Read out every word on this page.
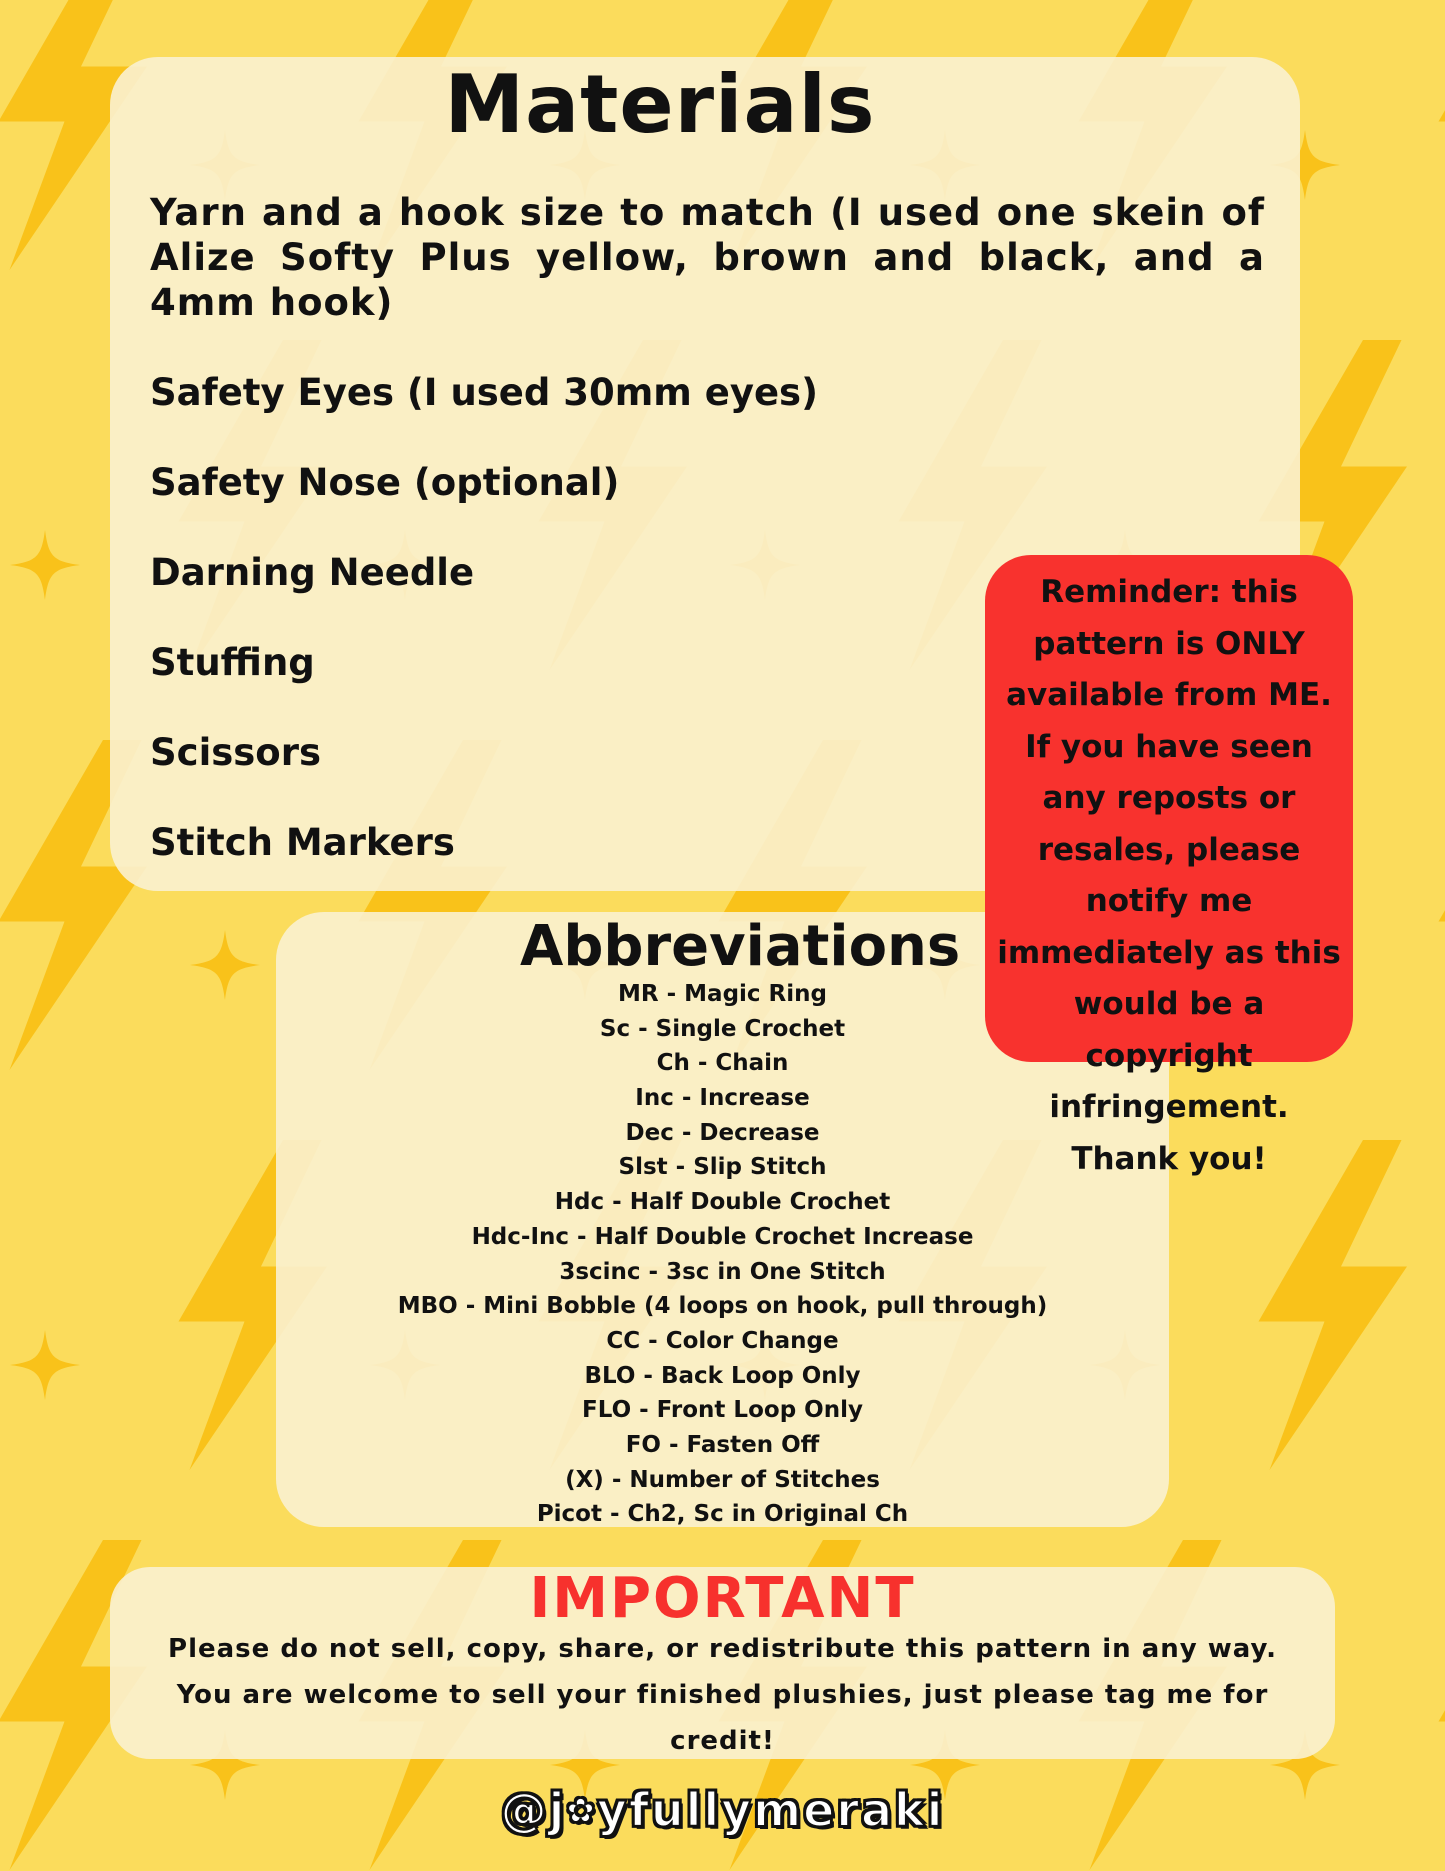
Materials

Yarn and a hook size to match (I used one skein of Alize Softy Plus yellow, brown and black, and a 4mm hook)

Safety Eyes (I used 30mm eyes)
Safety Nose (optional)
Darning Needle
Stuffing
Scissors
Stitch Markers
Abbreviations
MR - Magic Ring
Sc - Single Crochet
Ch - Chain
Inc - Increase
Dec - Decrease
Slst - Slip Stitch
Hdc - Half Double Crochet
Hdc-Inc - Half Double Crochet Increase
3scinc - 3sc in One Stitch
MBO - Mini Bobble (4 loops on hook, pull through)
CC - Color Change
BLO - Back Loop Only
FLO - Front Loop Only
FO - Fasten Off
(X) - Number of Stitches
Picot - Ch2, Sc in Original Ch
Reminder: this pattern is ONLY available from ME. If you have seen any reposts or resales, please notify me immediately as this would be a copyright infringement. Thank you!
IMPORTANT
Please do not sell, copy, share, or redistribute this pattern in any way.
You are welcome to sell your finished plushies, just please tag me for credit!
@j✿yfullymeraki
